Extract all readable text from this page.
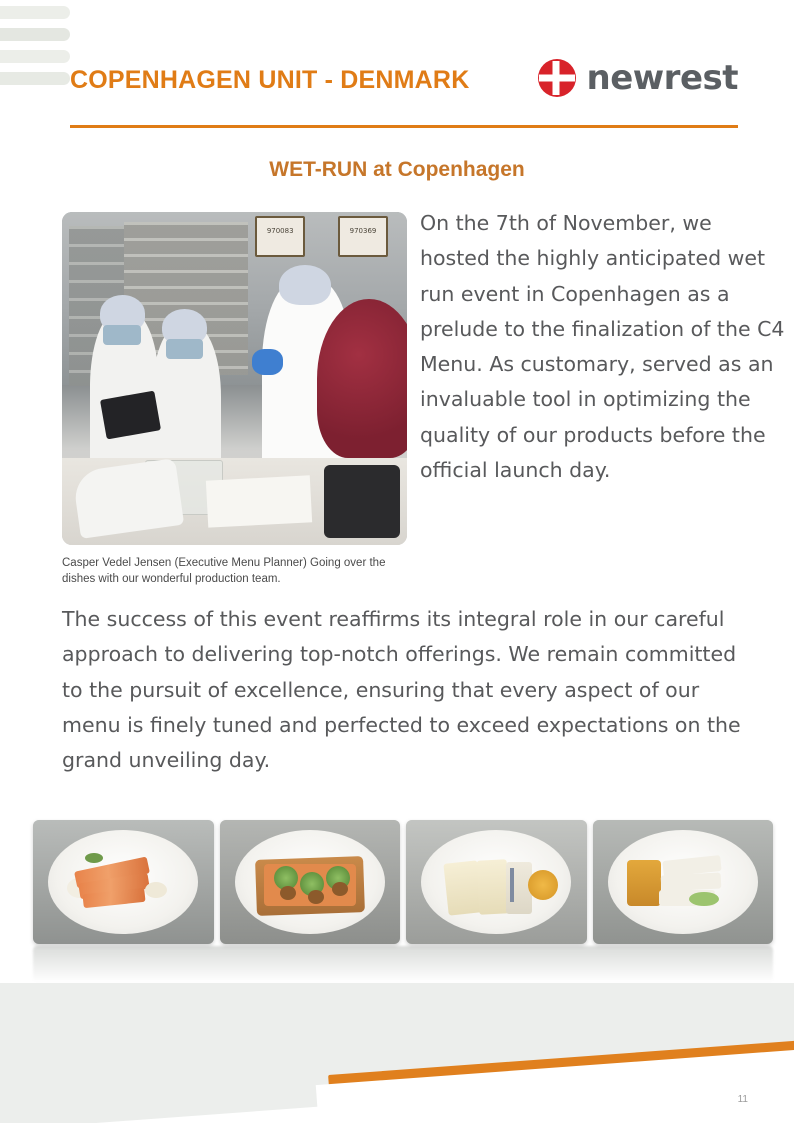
COPENHAGEN UNIT - DENMARK	newrest
WET-RUN at Copenhagen
970083	970369
Casper Vedel Jensen (Executive Menu Planner) Going over the dishes with our wonderful production team.
On the 7th of November, we hosted the highly anticipated wet run event in Copenhagen as a prelude to the finalization of the C4 Menu. As customary, served as an invaluable tool in optimizing the quality of our products before the official launch day.
The success of this event reaffirms its integral role in our careful approach to delivering top-notch offerings. We remain committed to the pursuit of excellence, ensuring that every aspect of our menu is finely tuned and perfected to exceed expectations on the grand unveiling day.
11
